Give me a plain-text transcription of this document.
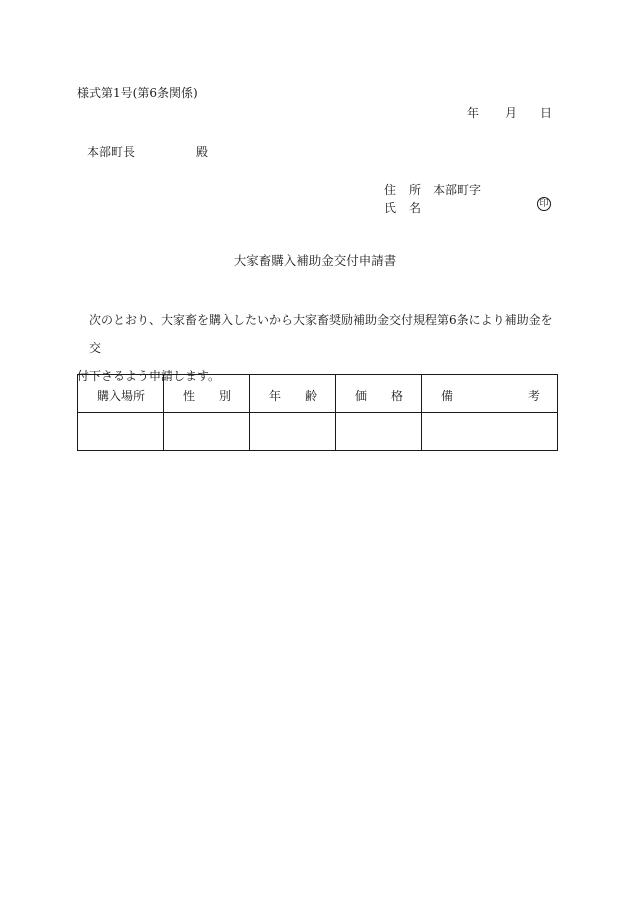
様式第1号(第6条関係)
年 月 日
本部町長	殿
住 所 本部町字
氏 名	印
大家畜購入補助金交付申請書
次のとおり、大家畜を購入したいから大家畜奨励補助金交付規程第6条により補助金を交
付下さるよう申請します。
購入場所	性 別	年 齢	価 格	備 考
